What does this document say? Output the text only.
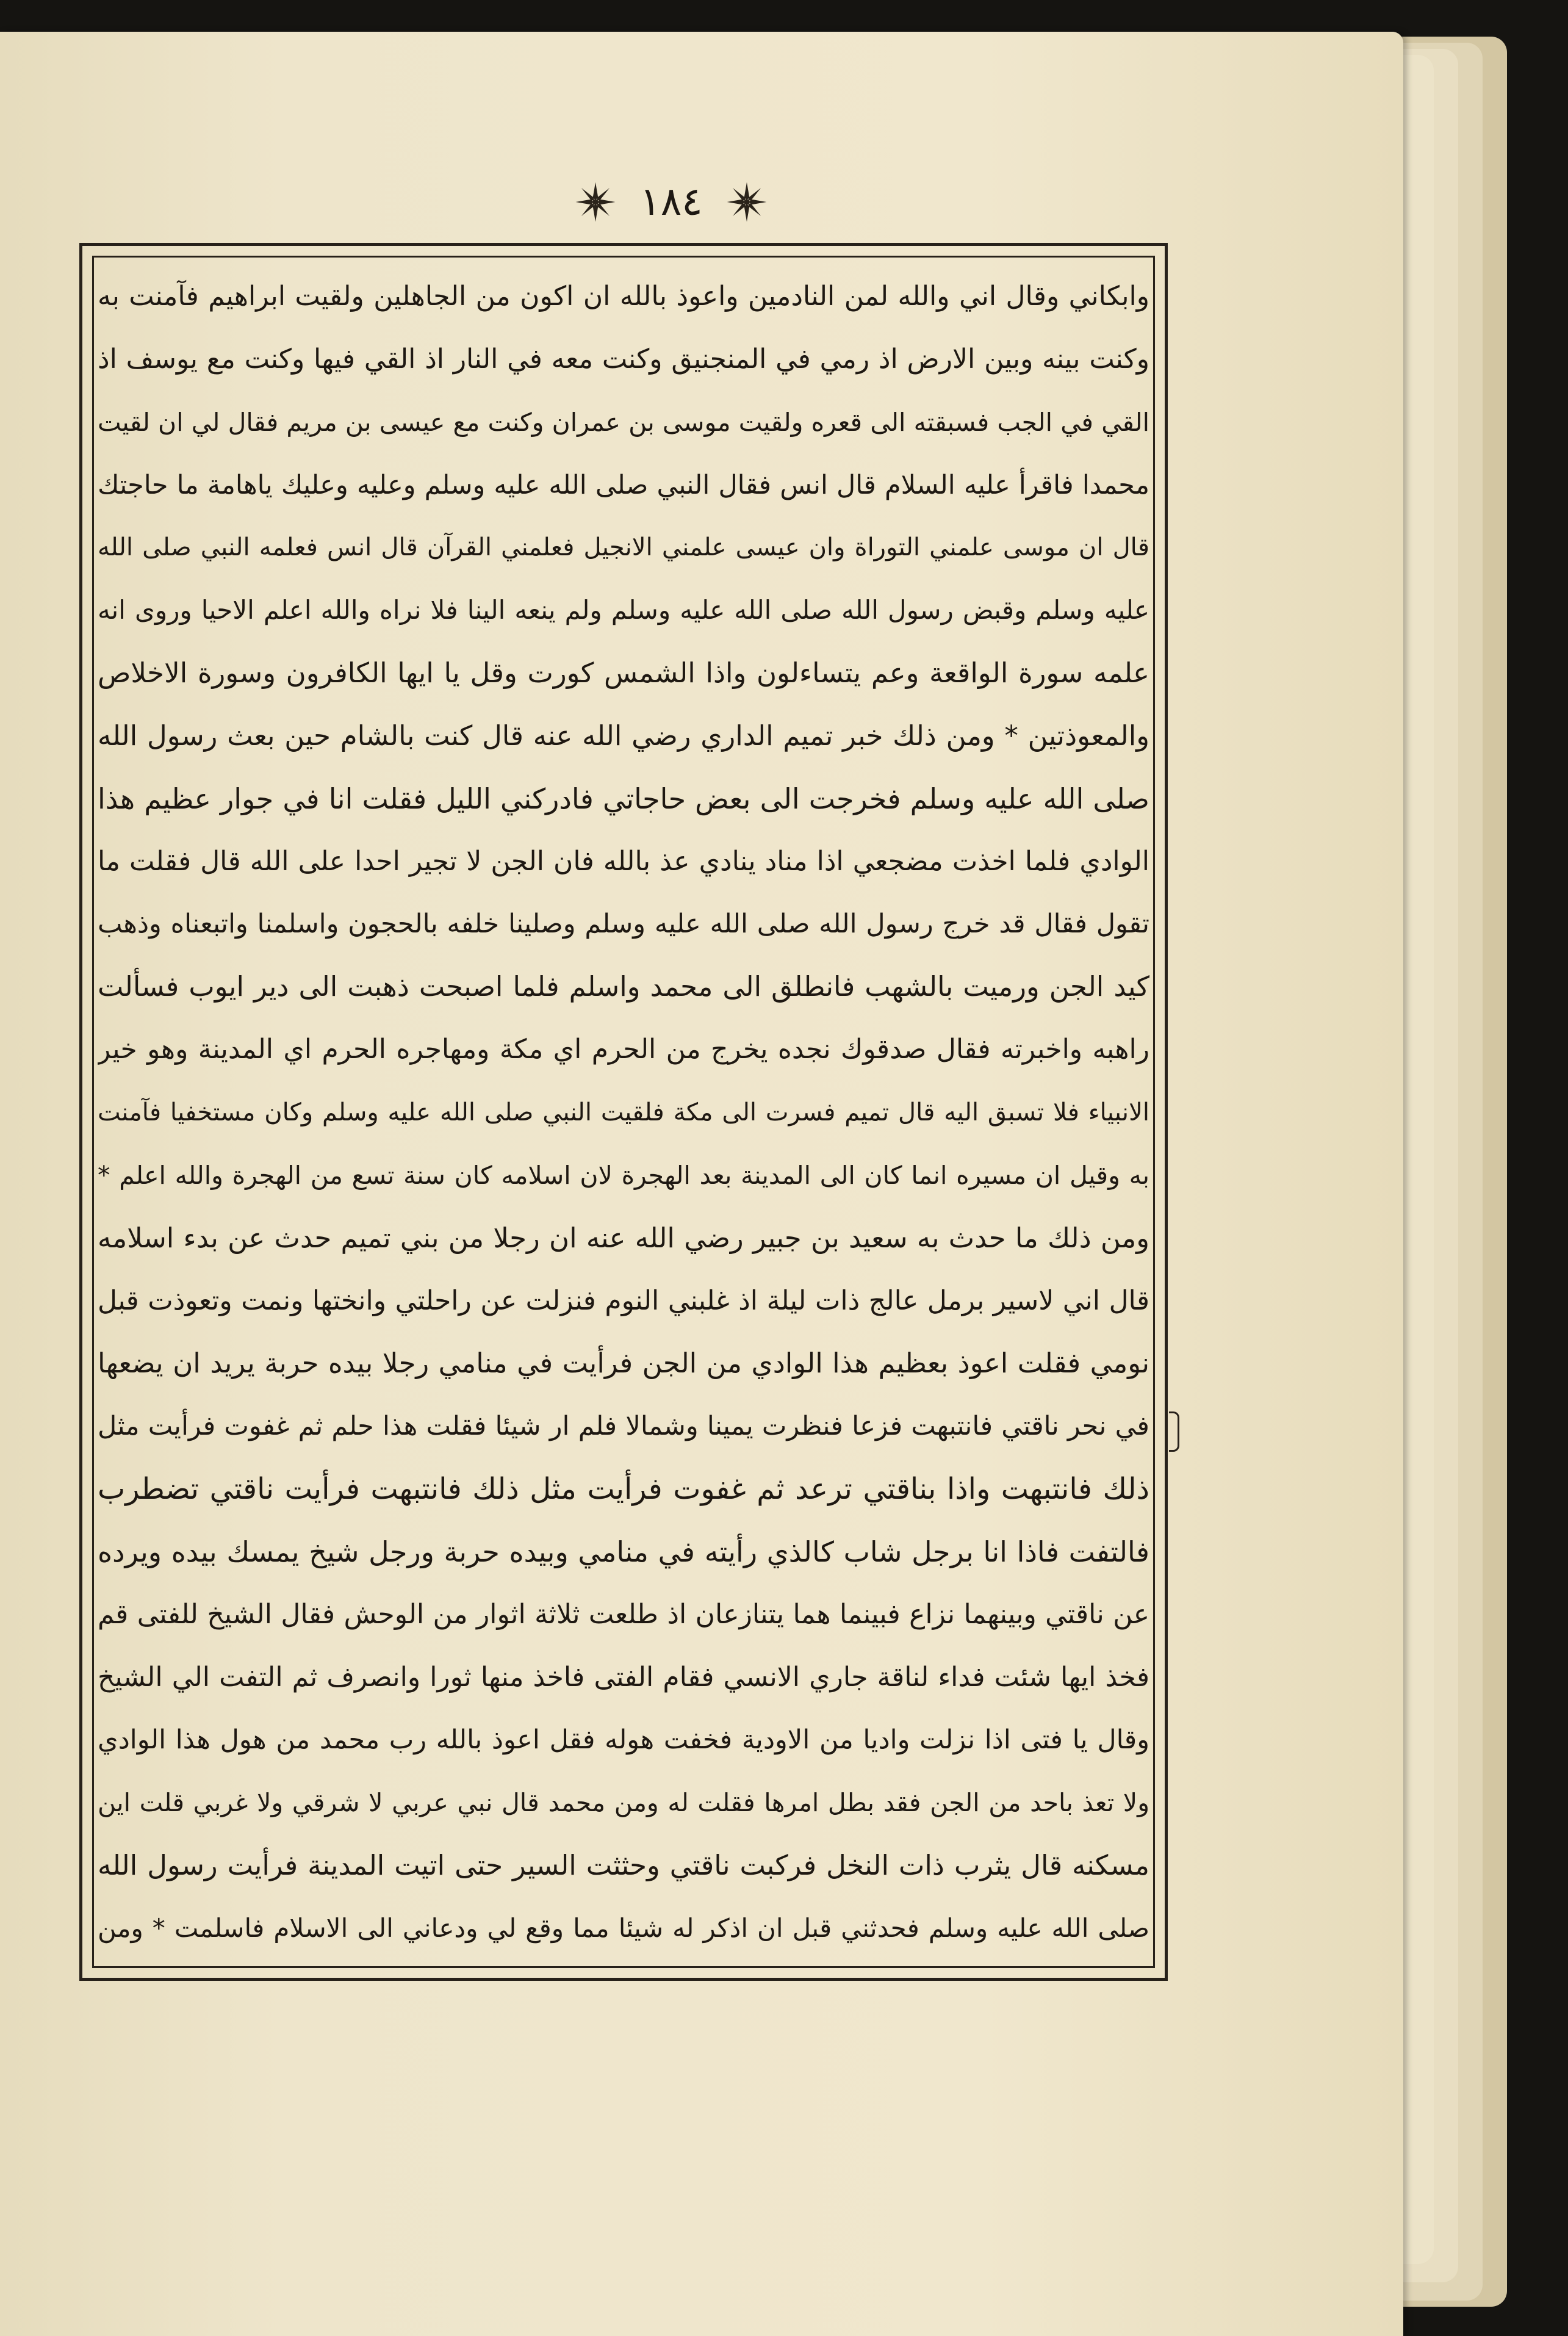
١٨٤
وابكاني وقال اني والله لمن النادمين واعوذ بالله ان اكون من الجاهلين ولقيت ابراهيم فآمنت به
وكنت بينه وبين الارض اذ رمي في المنجنيق وكنت معه في النار اذ القي فيها وكنت مع يوسف اذ
القي في الجب فسبقته الى قعره ولقيت موسى بن عمران وكنت مع عيسى بن مريم فقال لي ان لقيت
محمدا فاقرأ عليه السلام قال انس فقال النبي صلى الله عليه وسلم وعليه وعليك ياهامة ما حاجتك
قال ان موسى علمني التوراة وان عيسى علمني الانجيل فعلمني القرآن قال انس فعلمه النبي صلى الله
عليه وسلم وقبض رسول الله صلى الله عليه وسلم ولم ينعه الينا فلا نراه والله اعلم الاحيا وروى انه
علمه سورة الواقعة وعم يتساءلون واذا الشمس كورت وقل يا ايها الكافرون وسورة الاخلاص
والمعوذتين * ومن ذلك خبر تميم الداري رضي الله عنه قال كنت بالشام حين بعث رسول الله
صلى الله عليه وسلم فخرجت الى بعض حاجاتي فادركني الليل فقلت انا في جوار عظيم هذا
الوادي فلما اخذت مضجعي اذا مناد ينادي عذ بالله فان الجن لا تجير احدا على الله قال فقلت ما
تقول فقال قد خرج رسول الله صلى الله عليه وسلم وصلينا خلفه بالحجون واسلمنا واتبعناه وذهب
كيد الجن ورميت بالشهب فانطلق الى محمد واسلم فلما اصبحت ذهبت الى دير ايوب فسألت
راهبه واخبرته فقال صدقوك نجده يخرج من الحرم اي مكة ومهاجره الحرم اي المدينة وهو خير
الانبياء فلا تسبق اليه قال تميم فسرت الى مكة فلقيت النبي صلى الله عليه وسلم وكان مستخفيا فآمنت
به وقيل ان مسيره انما كان الى المدينة بعد الهجرة لان اسلامه كان سنة تسع من الهجرة والله اعلم *
ومن ذلك ما حدث به سعيد بن جبير رضي الله عنه ان رجلا من بني تميم حدث عن بدء اسلامه
قال اني لاسير برمل عالج ذات ليلة اذ غلبني النوم فنزلت عن راحلتي وانختها ونمت وتعوذت قبل
نومي فقلت اعوذ بعظيم هذا الوادي من الجن فرأيت في منامي رجلا بيده حربة يريد ان يضعها
في نحر ناقتي فانتبهت فزعا فنظرت يمينا وشمالا فلم ار شيئا فقلت هذا حلم ثم غفوت فرأيت مثل
ذلك فانتبهت واذا بناقتي ترعد ثم غفوت فرأيت مثل ذلك فانتبهت فرأيت ناقتي تضطرب
فالتفت فاذا انا برجل شاب كالذي رأيته في منامي وبيده حربة ورجل شيخ يمسك بيده ويرده
عن ناقتي وبينهما نزاع فبينما هما يتنازعان اذ طلعت ثلاثة اثوار من الوحش فقال الشيخ للفتى قم
فخذ ايها شئت فداء لناقة جاري الانسي فقام الفتى فاخذ منها ثورا وانصرف ثم التفت الي الشيخ
وقال يا فتى اذا نزلت واديا من الاودية فخفت هوله فقل اعوذ بالله رب محمد من هول هذا الوادي
ولا تعذ باحد من الجن فقد بطل امرها فقلت له ومن محمد قال نبي عربي لا شرقي ولا غربي قلت اين
مسكنه قال يثرب ذات النخل فركبت ناقتي وحثثت السير حتى اتيت المدينة فرأيت رسول الله
صلى الله عليه وسلم فحدثني قبل ان اذكر له شيئا مما وقع لي ودعاني الى الاسلام فاسلمت * ومن
